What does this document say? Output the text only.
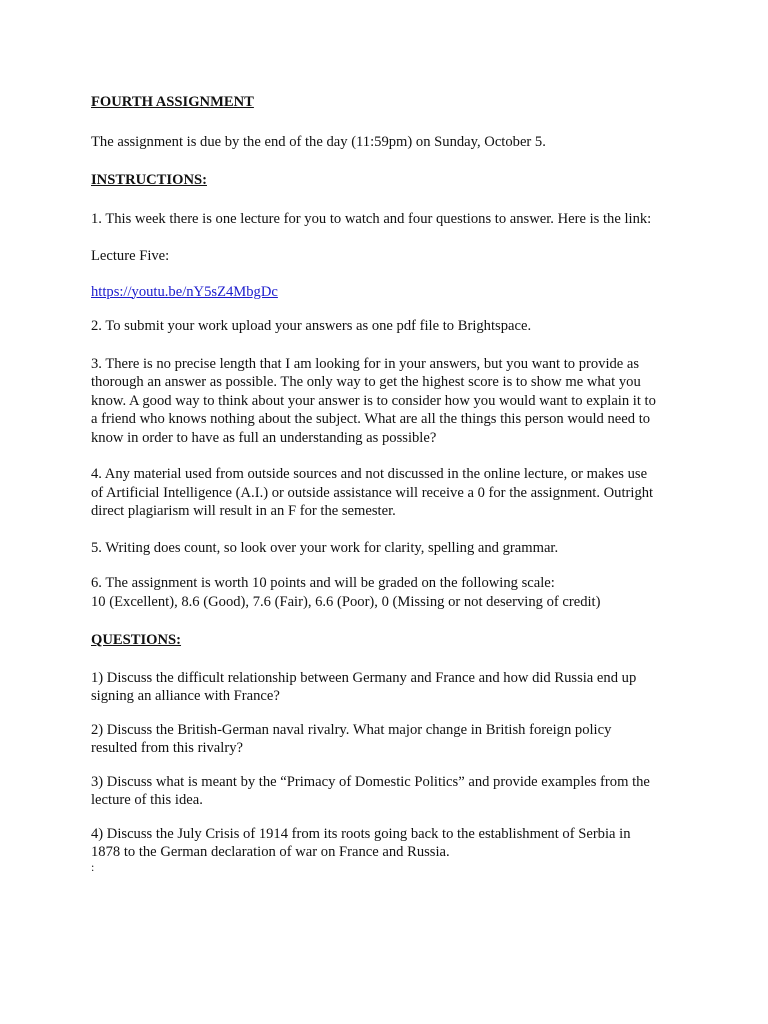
FOURTH ASSIGNMENT

The assignment is due by the end of the day (11:59pm) on Sunday, October 5.

INSTRUCTIONS:

1. This week there is one lecture for you to watch and four questions to answer. Here is the link:

Lecture Five:

https://youtu.be/nY5sZ4MbgDc

2. To submit your work upload your answers as one pdf file to Brightspace.

3. There is no precise length that I am looking for in your answers, but you want to provide as
thorough an answer as possible. The only way to get the highest score is to show me what you
know. A good way to think about your answer is to consider how you would want to explain it to
a friend who knows nothing about the subject. What are all the things this person would need to
know in order to have as full an understanding as possible?

4. Any material used from outside sources and not discussed in the online lecture, or makes use
of Artificial Intelligence (A.I.) or outside assistance will receive a 0 for the assignment. Outright
direct plagiarism will result in an F for the semester.

5. Writing does count, so look over your work for clarity, spelling and grammar.

6. The assignment is worth 10 points and will be graded on the following scale:
10 (Excellent), 8.6 (Good), 7.6 (Fair), 6.6 (Poor), 0 (Missing or not deserving of credit)

QUESTIONS:

1) Discuss the difficult relationship between Germany and France and how did Russia end up
signing an alliance with France?

2) Discuss the British-German naval rivalry. What major change in British foreign policy
resulted from this rivalry?

3) Discuss what is meant by the “Primacy of Domestic Politics” and provide examples from the
lecture of this idea.

4) Discuss the July Crisis of 1914 from its roots going back to the establishment of Serbia in
1878 to the German declaration of war on France and Russia.

:
